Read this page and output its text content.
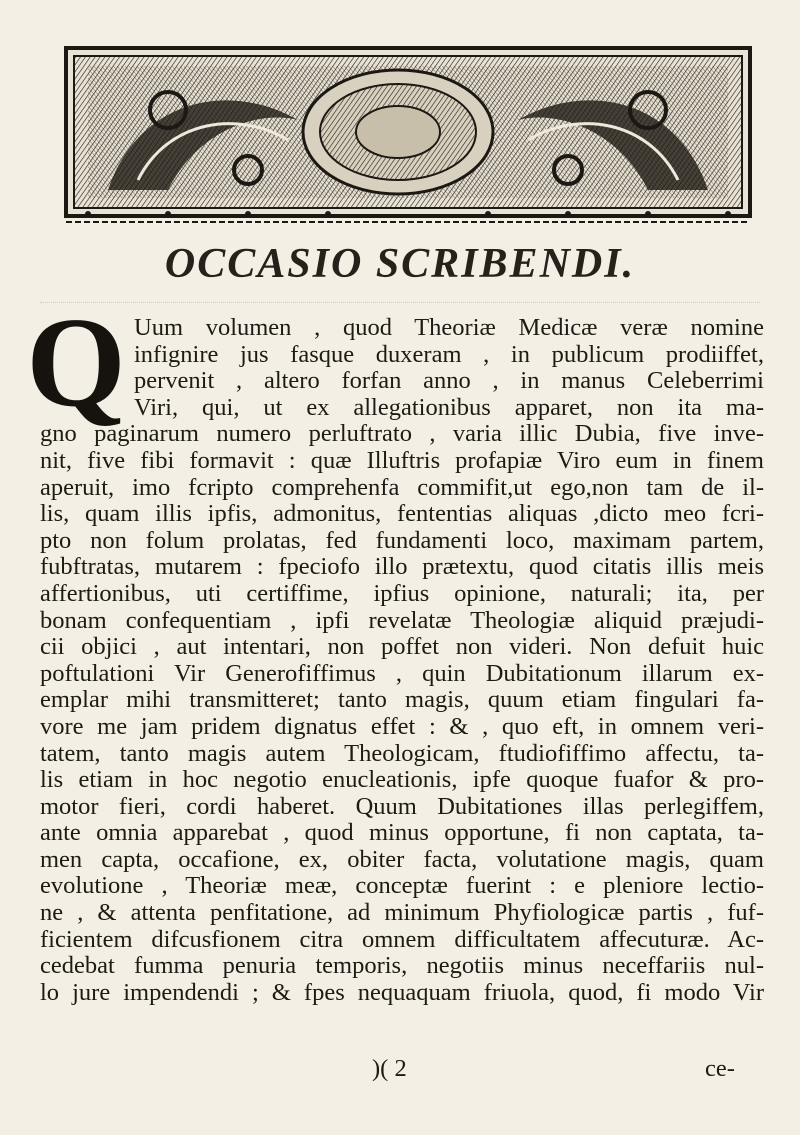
OCCASIO SCRIBENDI.
Q Uum volumen , quod Theoriæ Medicæ veræ nomine
infignire jus fasque duxeram , in publicum prodiiffet,
pervenit , altero forfan anno , in manus Celeberrimi
Viri, qui, ut ex allegationibus apparet, non ita ma-
gno paginarum numero perluftrato , varia illic Dubia, five inve-
nit, five fibi formavit : quæ Illuftris profapiæ Viro eum in finem
aperuit, imo fcripto comprehenfa commifit,ut ego,non tam de il-
lis, quam illis ipfis, admonitus, fententias aliquas ,dicto meo fcri-
pto non folum prolatas, fed fundamenti loco, maximam partem,
fubftratas, mutarem : fpeciofo illo prætextu, quod citatis illis meis
affertionibus, uti certiffime, ipfius opinione, naturali; ita, per
bonam confequentiam , ipfi revelatæ Theologiæ aliquid præjudi-
cii objici , aut intentari, non poffet non videri. Non defuit huic
poftulationi Vir Generofiffimus , quin Dubitationum illarum ex-
emplar mihi transmitteret; tanto magis, quum etiam fingulari fa-
vore me jam pridem dignatus effet : & , quo eft, in omnem veri-
tatem, tanto magis autem Theologicam, ftudiofiffimo affectu, ta-
lis etiam in hoc negotio enucleationis, ipfe quoque fuafor & pro-
motor fieri, cordi haberet. Quum Dubitationes illas perlegiffem,
ante omnia apparebat , quod minus opportune, fi non captata, ta-
men capta, occafione, ex, obiter facta, volutatione magis, quam
evolutione , Theoriæ meæ, conceptæ fuerint : e pleniore lectio-
ne , & attenta penfitatione, ad minimum Phyfiologicæ partis , fuf-
ficientem difcusfionem citra omnem difficultatem affecuturæ. Ac-
cedebat fumma penuria temporis, negotiis minus neceffariis nul-
lo jure impendendi ; & fpes nequaquam friuola, quod, fi modo Vir
)( 2	ce-
